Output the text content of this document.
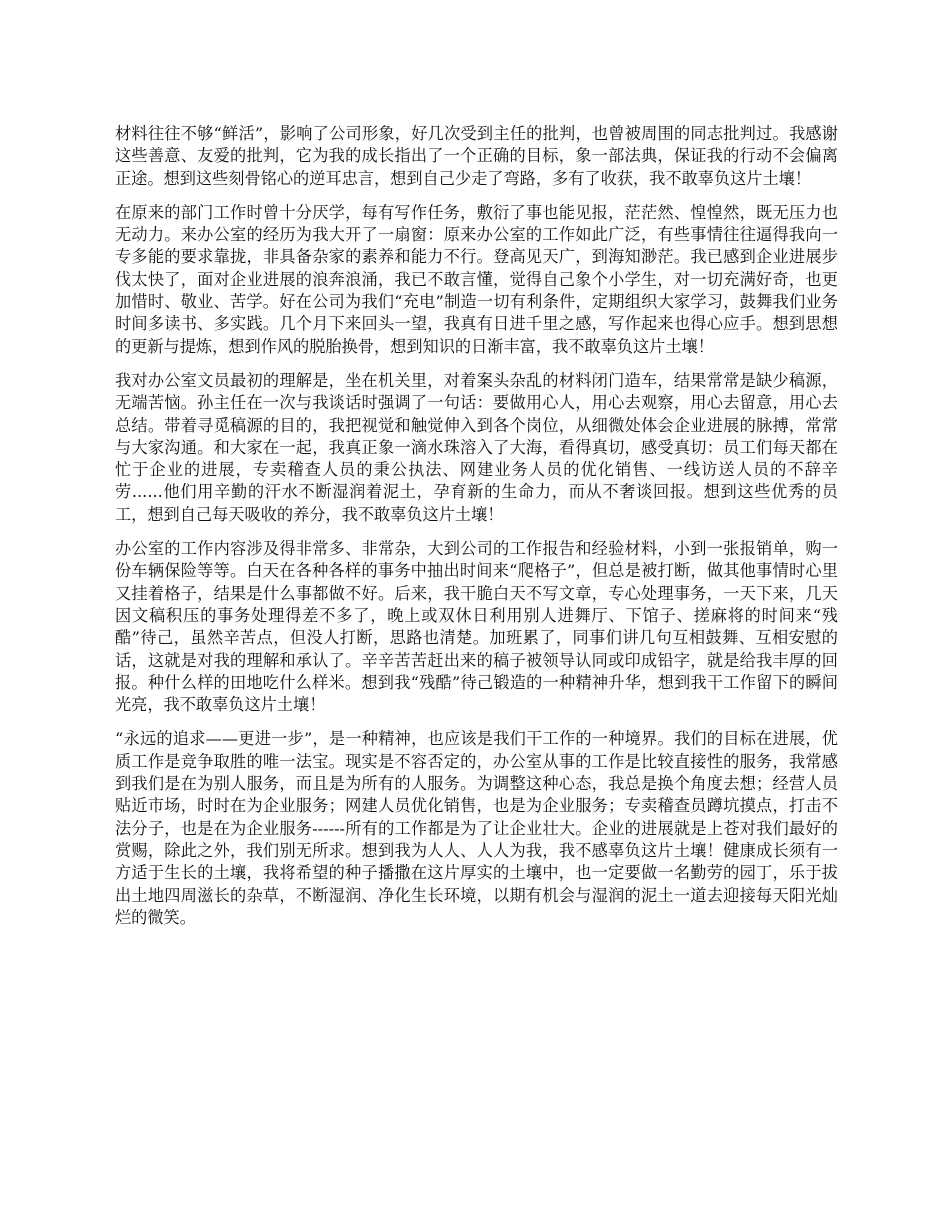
材料往往不够“鲜活”，影响了公司形象，好几次受到主任的批判，也曾被周围的同志批判过。我感谢这些善意、友爱的批判，它为我的成长指出了一个正确的目标，象一部法典，保证我的行动不会偏离正途。想到这些刻骨铭心的逆耳忠言，想到自己少走了弯路，多有了收获，我不敢辜负这片土壤！

在原来的部门工作时曾十分厌学，每有写作任务，敷衍了事也能见报，茫茫然、惶惶然，既无压力也无动力。来办公室的经历为我大开了一扇窗：原来办公室的工作如此广泛，有些事情往往逼得我向一专多能的要求靠拢，非具备杂家的素养和能力不行。登高见天广，到海知渺茫。我已感到企业进展步伐太快了，面对企业进展的浪奔浪涌，我已不敢言懂，觉得自己象个小学生，对一切充满好奇，也更加惜时、敬业、苦学。好在公司为我们“充电”制造一切有利条件，定期组织大家学习，鼓舞我们业务时间多读书、多实践。几个月下来回头一望，我真有日进千里之感，写作起来也得心应手。想到思想的更新与提炼，想到作风的脱胎换骨，想到知识的日渐丰富，我不敢辜负这片土壤！

我对办公室文员最初的理解是，坐在机关里，对着案头杂乱的材料闭门造车，结果常常是缺少稿源，无端苦恼。孙主任在一次与我谈话时强调了一句话：要做用心人，用心去观察，用心去留意，用心去总结。带着寻觅稿源的目的，我把视觉和触觉伸入到各个岗位，从细微处体会企业进展的脉搏，常常与大家沟通。和大家在一起，我真正象一滴水珠溶入了大海，看得真切，感受真切：员工们每天都在忙于企业的进展，专卖稽查人员的秉公执法、网建业务人员的优化销售、一线访送人员的不辞辛劳......他们用辛勤的汗水不断湿润着泥土，孕育新的生命力，而从不奢谈回报。想到这些优秀的员工，想到自己每天吸收的养分，我不敢辜负这片土壤！

办公室的工作内容涉及得非常多、非常杂，大到公司的工作报告和经验材料，小到一张报销单，购一份车辆保险等等。白天在各种各样的事务中抽出时间来“爬格子”，但总是被打断，做其他事情时心里又挂着格子，结果是什么事都做不好。后来，我干脆白天不写文章，专心处理事务，一天下来，几天因文稿积压的事务处理得差不多了，晚上或双休日利用别人进舞厅、下馆子、搓麻将的时间来“残酷”待己，虽然辛苦点，但没人打断，思路也清楚。加班累了，同事们讲几句互相鼓舞、互相安慰的话，这就是对我的理解和承认了。辛辛苦苦赶出来的稿子被领导认同或印成铅字，就是给我丰厚的回报。种什么样的田地吃什么样米。想到我“残酷”待己锻造的一种精神升华，想到我干工作留下的瞬间光亮，我不敢辜负这片土壤！

“永远的追求——更进一步”，是一种精神，也应该是我们干工作的一种境界。我们的目标在进展，优质工作是竞争取胜的唯一法宝。现实是不容否定的，办公室从事的工作是比较直接性的服务，我常感到我们是在为别人服务，而且是为所有的人服务。为调整这种心态，我总是换个角度去想；经营人员贴近市场，时时在为企业服务；网建人员优化销售，也是为企业服务；专卖稽查员蹲坑摸点，打击不法分子，也是在为企业服务------所有的工作都是为了让企业壮大。企业的进展就是上苍对我们最好的赏赐，除此之外，我们别无所求。想到我为人人、人人为我，我不感辜负这片土壤！健康成长须有一方适于生长的土壤，我将希望的种子播撒在这片厚实的土壤中，也一定要做一名勤劳的园丁，乐于拔出土地四周滋长的杂草，不断湿润、净化生长环境，以期有机会与湿润的泥土一道去迎接每天阳光灿烂的微笑。
